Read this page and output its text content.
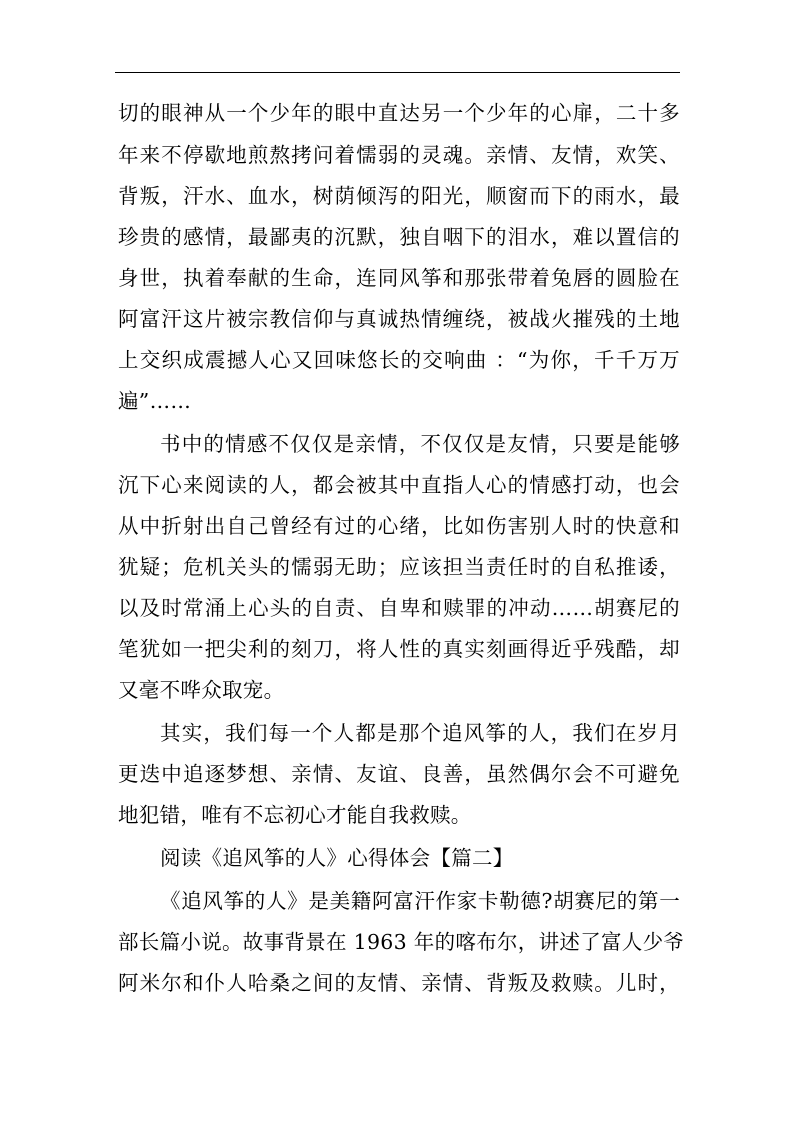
切的眼神从一个少年的眼中直达另一个少年的心扉，二十多
年来不停歇地煎熬拷问着懦弱的灵魂。亲情、友情，欢笑、
背叛，汗水、血水，树荫倾泻的阳光，顺窗而下的雨水，最
珍贵的感情，最鄙夷的沉默，独自咽下的泪水，难以置信的
身世，执着奉献的生命，连同风筝和那张带着兔唇的圆脸在
阿富汗这片被宗教信仰与真诚热情缠绕，被战火摧残的土地
上交织成震撼人心又回味悠长的交响曲 ：“为你，千千万万
遍”……
书中的情感不仅仅是亲情，不仅仅是友情，只要是能够
沉下心来阅读的人，都会被其中直指人心的情感打动，也会
从中折射出自己曾经有过的心绪，比如伤害别人时的快意和
犹疑；危机关头的懦弱无助；应该担当责任时的自私推诿，
以及时常涌上心头的自责、自卑和赎罪的冲动……胡赛尼的
笔犹如一把尖利的刻刀，将人性的真实刻画得近乎残酷，却
又毫不哗众取宠。
其实，我们每一个人都是那个追风筝的人，我们在岁月
更迭中追逐梦想、亲情、友谊、良善，虽然偶尔会不可避免
地犯错，唯有不忘初心才能自我救赎。
阅读《追风筝的人》心得体会【篇二】
《追风筝的人》是美籍阿富汗作家卡勒德?胡赛尼的第一
部长篇小说。故事背景在 1963 年的喀布尔，讲述了富人少爷
阿米尔和仆人哈桑之间的友情、亲情、背叛及救赎。儿时，
